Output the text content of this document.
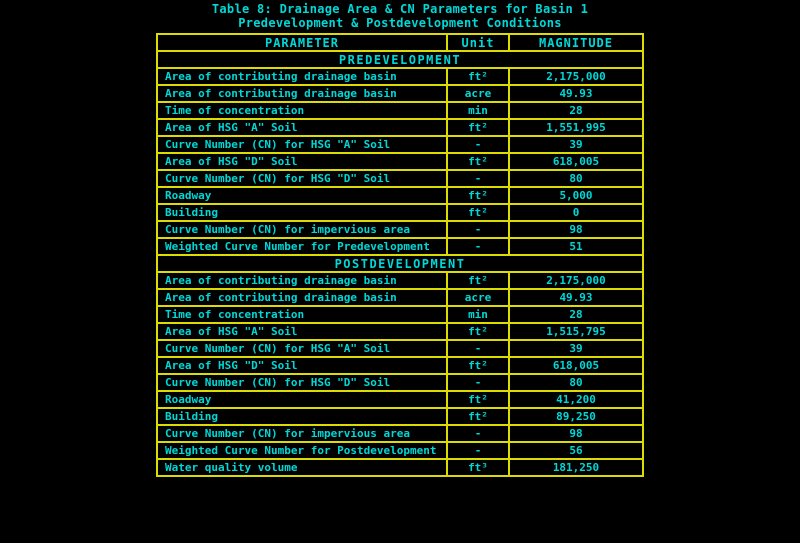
Table 8: Drainage Area & CN Parameters for Basin 1
Predevelopment & Postdevelopment Conditions
PARAMETER	Unit	MAGNITUDE
PREDEVELOPMENT		
Area of contributing drainage basin	ft²	2,175,000
Area of contributing drainage basin	acre	49.93
Time of concentration	min	28
Area of HSG "A" Soil	ft²	1,551,995
Curve Number (CN) for HSG "A" Soil	-	39
Area of HSG "D" Soil	ft²	618,005
Curve Number (CN) for HSG "D" Soil	-	80
Roadway	ft²	5,000
Building	ft²	0
Curve Number (CN) for impervious area	-	98
Weighted Curve Number for Predevelopment	-	51
POSTDEVELOPMENT		
Area of contributing drainage basin	ft²	2,175,000
Area of contributing drainage basin	acre	49.93
Time of concentration	min	28
Area of HSG "A" Soil	ft²	1,515,795
Curve Number (CN) for HSG "A" Soil	-	39
Area of HSG "D" Soil	ft²	618,005
Curve Number (CN) for HSG "D" Soil	-	80
Roadway	ft²	41,200
Building	ft²	89,250
Curve Number (CN) for impervious area	-	98
Weighted Curve Number for Postdevelopment	-	56
Water quality volume	ft³	181,250
